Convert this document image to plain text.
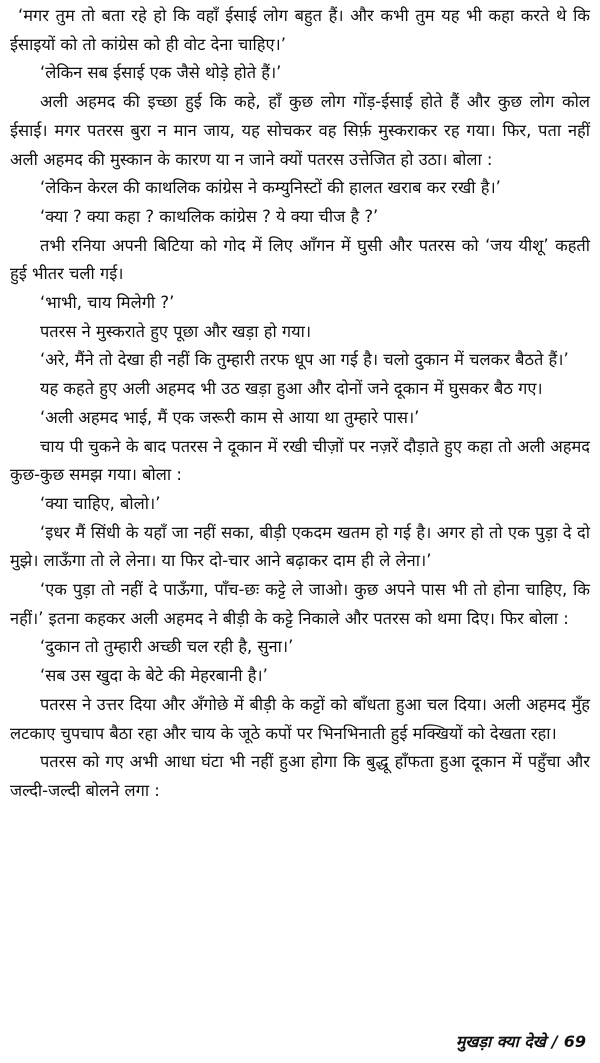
‘मगर तुम तो बता रहे हो कि वहाँ ईसाई लोग बहुत हैं। और कभी तुम यह भी कहा करते थे कि ईसाइयों को तो कांग्रेस को ही वोट देना चाहिए।’

‘लेकिन सब ईसाई एक जैसे थोड़े होते हैं।’

अली अहमद की इच्छा हुई कि कहे, हाँ कुछ लोग गोंड़-ईसाई होते हैं और कुछ लोग कोल ईसाई। मगर पतरस बुरा न मान जाय, यह सोचकर वह सिर्फ़ मुस्कराकर रह गया। फिर, पता नहीं अली अहमद की मुस्कान के कारण या न जाने क्यों पतरस उत्तेजित हो उठा। बोला :

‘लेकिन केरल की काथलिक कांग्रेस ने कम्युनिस्टों की हालत खराब कर रखी है।’

‘क्या ? क्या कहा ? काथलिक कांग्रेस ? ये क्या चीज है ?’

तभी रनिया अपनी बिटिया को गोद में लिए आँगन में घुसी और पतरस को ‘जय यीशू’ कहती हुई भीतर चली गई।

‘भाभी, चाय मिलेगी ?’

पतरस ने मुस्कराते हुए पूछा और खड़ा हो गया।

‘अरे, मैंने तो देखा ही नहीं कि तुम्हारी तरफ धूप आ गई है। चलो दुकान में चलकर बैठते हैं।’

यह कहते हुए अली अहमद भी उठ खड़ा हुआ और दोनों जने दूकान में घुसकर बैठ गए।

‘अली अहमद भाई, मैं एक जरूरी काम से आया था तुम्हारे पास।’

चाय पी चुकने के बाद पतरस ने दूकान में रखी चीज़ों पर नज़रें दौड़ाते हुए कहा तो अली अहमद कुछ-कुछ समझ गया। बोला :

‘क्या चाहिए, बोलो।’

‘इधर मैं सिंधी के यहाँ जा नहीं सका, बीड़ी एकदम खतम हो गई है। अगर हो तो एक पुड़ा दे दो मुझे। लाऊँगा तो ले लेना। या फिर दो-चार आने बढ़ाकर दाम ही ले लेना।’

‘एक पुड़ा तो नहीं दे पाऊँगा, पाँच-छः कट्टे ले जाओ। कुछ अपने पास भी तो होना चाहिए, कि नहीं।’ इतना कहकर अली अहमद ने बीड़ी के कट्टे निकाले और पतरस को थमा दिए। फिर बोला :

‘दुकान तो तुम्हारी अच्छी चल रही है, सुना।’

‘सब उस खुदा के बेटे की मेहरबानी है।’

पतरस ने उत्तर दिया और अँगोछे में बीड़ी के कट्टों को बाँधता हुआ चल दिया। अली अहमद मुँह लटकाए चुपचाप बैठा रहा और चाय के जूठे कपों पर भिनभिनाती हुई मक्खियों को देखता रहा।

पतरस को गए अभी आधा घंटा भी नहीं हुआ होगा कि बुद्धू हाँफता हुआ दूकान में पहुँचा और जल्दी-जल्दी बोलने लगा :

मुखड़ा क्या देखे / 69
